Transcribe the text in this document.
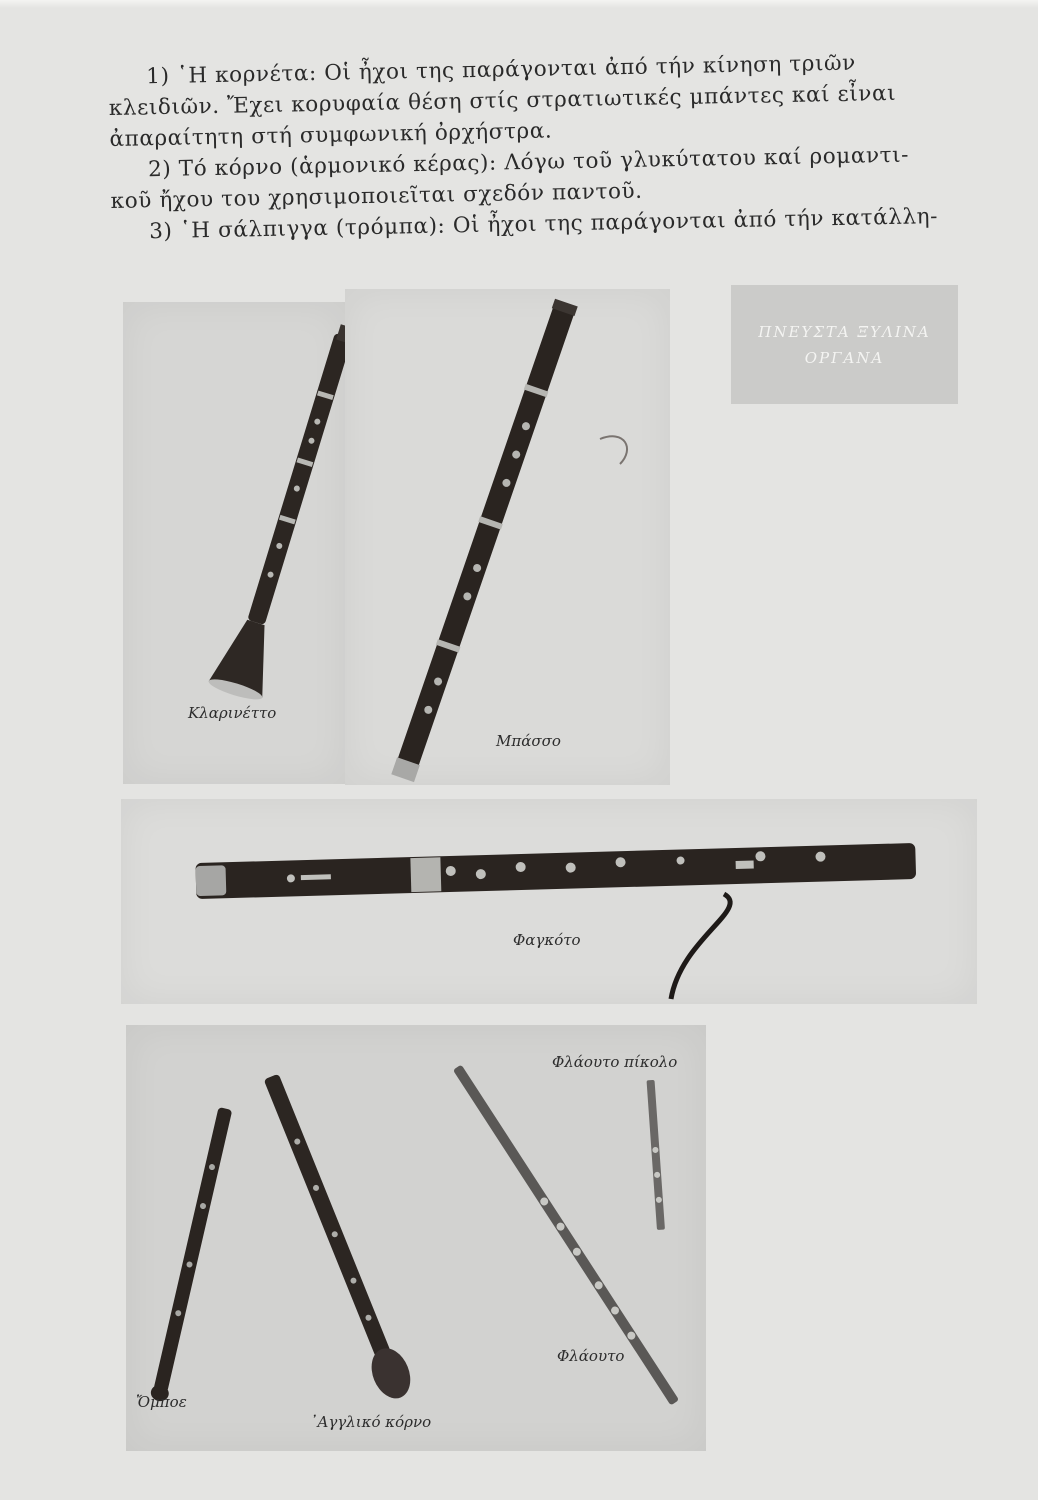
1) ῾Η κορνέτα: Οἱ ἦχοι της παράγονται ἀπό τήν κίνηση τριῶν
κλειδιῶν. Ἔχει κορυφαία θέση στίς στρατιωτικές μπάντες καί εἶναι
ἀπαραίτητη στή συμφωνική ὀρχήστρα.

2) Τό κόρνο (ἁρμονικό κέρας): Λόγω τοῦ γλυκύτατου καί ρομαντι-
κοῦ ἤχου του χρησιμοποιεῖται σχεδόν παντοῦ.

3) ῾Η σάλπιγγα (τρόμπα): Οἱ ἦχοι της παράγονται ἀπό τήν κατάλλη-

ΠΝΕΥΣΤΑ ΞΥΛΙΝΑ
ΟΡΓΑΝΑ
Κλαρινέττο
Μπάσσο
Φαγκότο
Φλάουτο πίκολο
Φλάουτο
Ὄμποε
᾿Αγγλικό κόρνο
